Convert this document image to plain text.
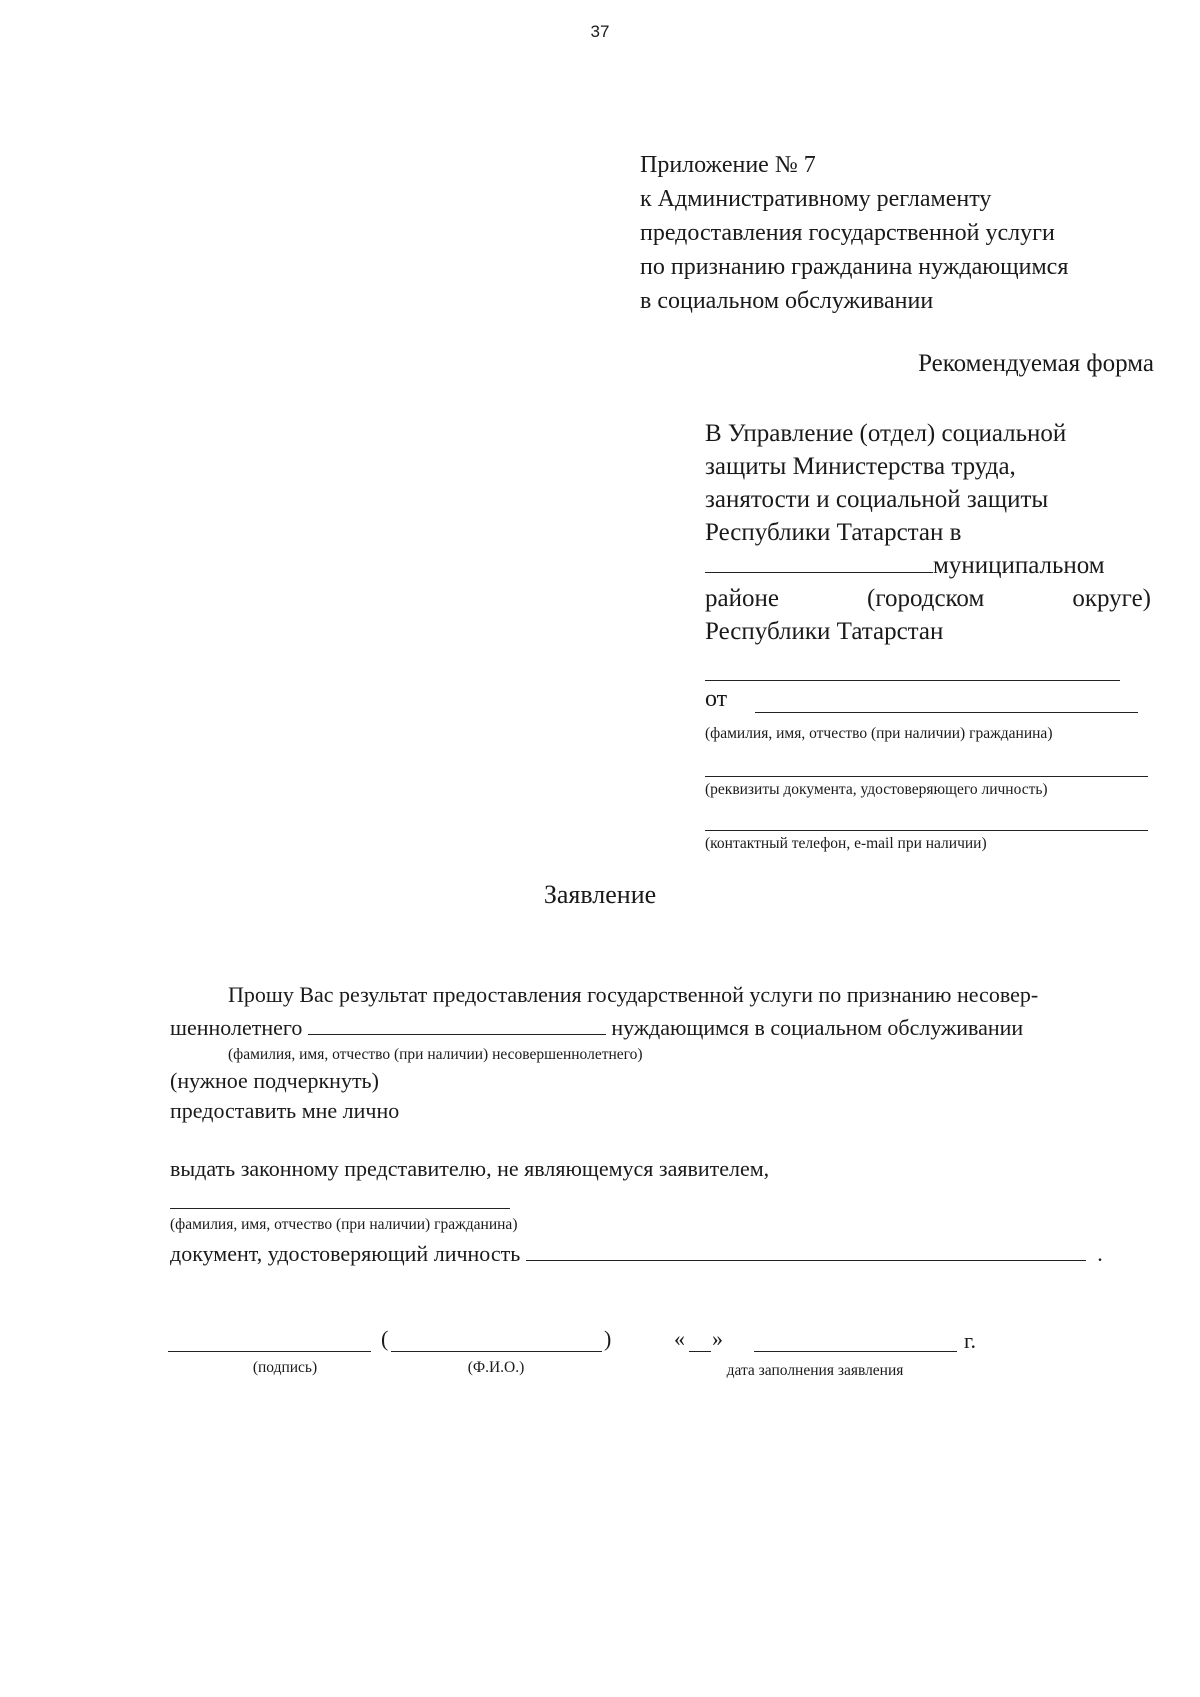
37
Приложение № 7
к Административному регламенту
предоставления государственной услуги
по признанию гражданина нуждающимся
в социальном обслуживании
Рекомендуемая форма
В Управление (отдел) социальной
защиты Министерства труда,
занятости и социальной защиты
Республики Татарстан в
муниципальном
районе	(городском	округе)
Республики Татарстан
от
(фамилия, имя, отчество (при наличии) гражданина)
(реквизиты документа, удостоверяющего личность)
(контактный телефон, e-mail при наличии)
Заявление
Прошу Вас результат предоставления государственной услуги по признанию несовер-
шеннолетнего	нуждающимся в социальном обслуживании
(фамилия, имя, отчество (при наличии) несовершеннолетнего)
(нужное подчеркнуть)
предоставить мне лично
выдать законному представителю, не являющемуся заявителем,
(фамилия, имя, отчество (при наличии) гражданина)
документ, удостоверяющий личность	.
(	)	« »	г.
(подпись)	(Ф.И.О.)	дата заполнения заявления
